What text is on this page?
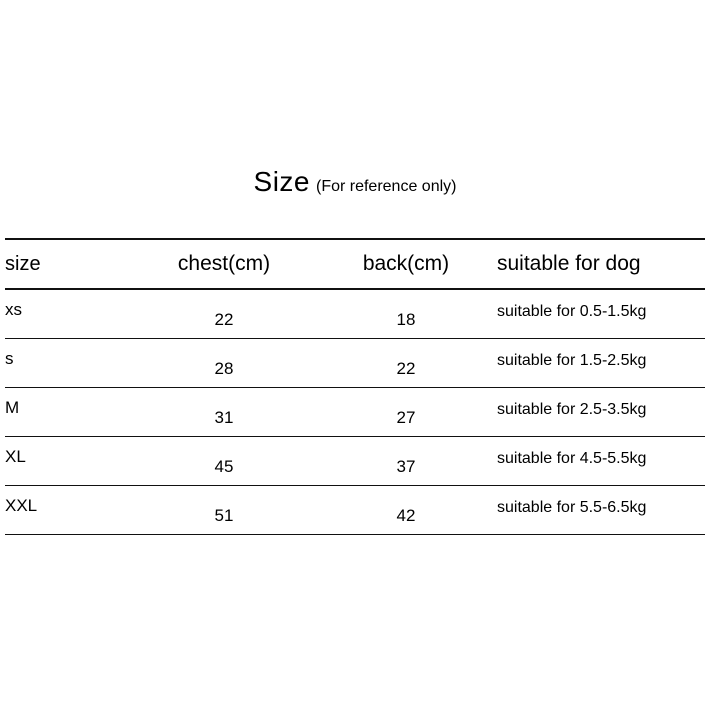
Size (For reference only)
size	chest(cm)	back(cm)	suitable for dog
xs	22	18	suitable for 0.5-1.5kg
s	28	22	suitable for 1.5-2.5kg
M	31	27	suitable for 2.5-3.5kg
XL	45	37	suitable for 4.5-5.5kg
XXL	51	42	suitable for 5.5-6.5kg
